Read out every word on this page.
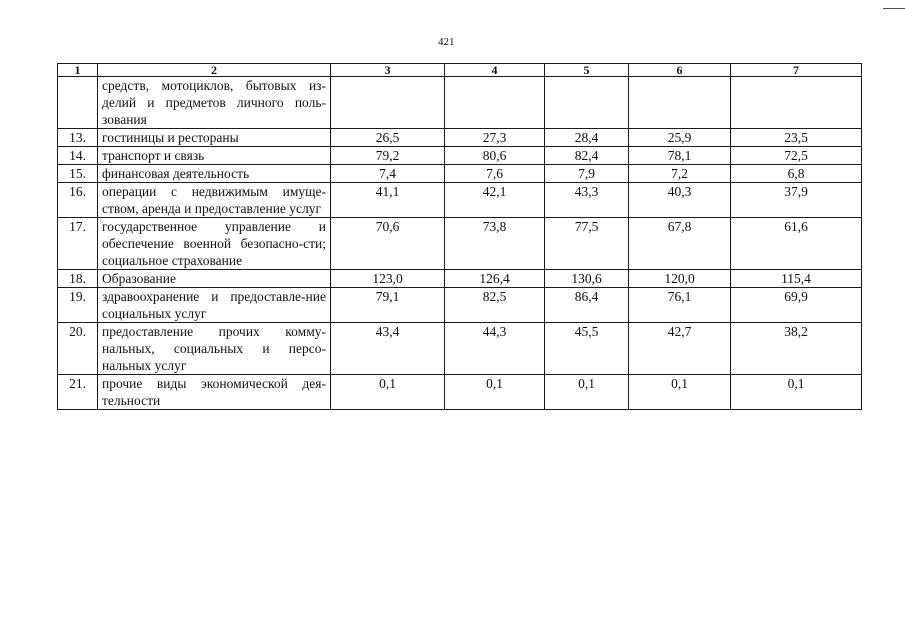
421
1	2	3	4	5	6	7
	средств, мотоциклов, бытовых из-делий и предметов личного поль-зования					
13.	гостиницы и рестораны	26,5	27,3	28,4	25,9	23,5
14.	транспорт и связь	79,2	80,6	82,4	78,1	72,5
15.	финансовая деятельность	7,4	7,6	7,9	7,2	6,8
16.	операции с недвижимым имуще-ством, аренда и предоставление услуг	41,1	42,1	43,3	40,3	37,9
17.	государственное управление и обеспечение военной безопасно-сти; социальное страхование	70,6	73,8	77,5	67,8	61,6
18.	Образование	123,0	126,4	130,6	120,0	115,4
19.	здравоохранение и предоставле-ние социальных услуг	79,1	82,5	86,4	76,1	69,9
20.	предоставление прочих комму-нальных, социальных и персо-нальных услуг	43,4	44,3	45,5	42,7	38,2
21.	прочие виды экономической дея-тельности	0,1	0,1	0,1	0,1	0,1
